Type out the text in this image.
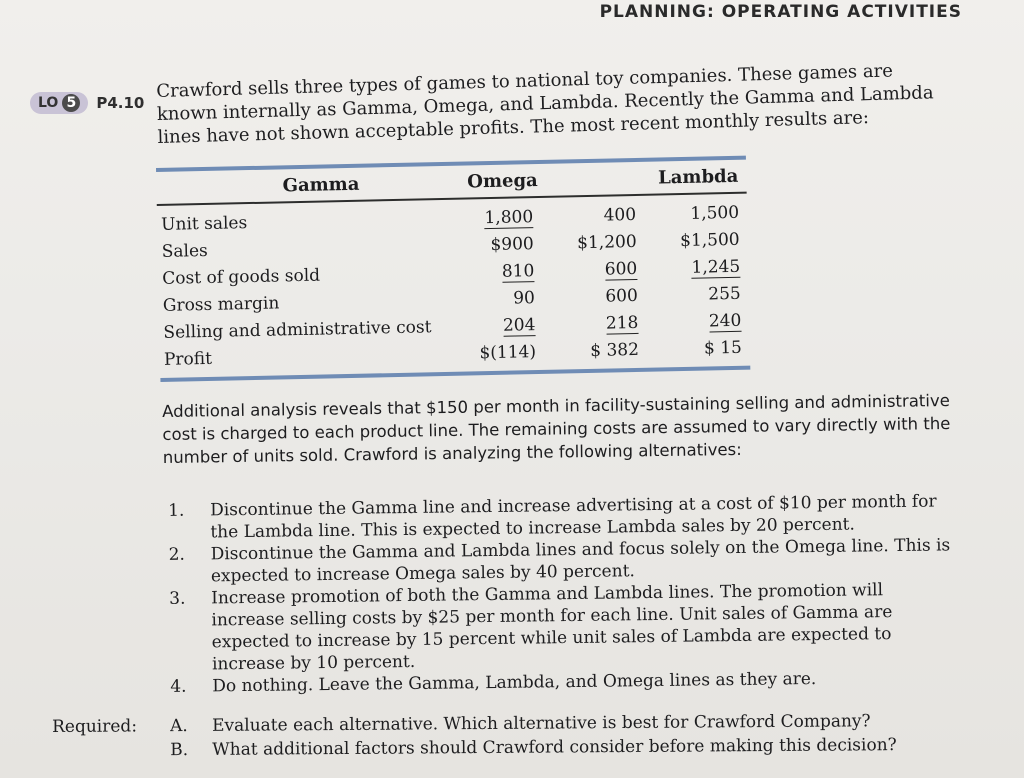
PLANNING: OPERATING ACTIVITIES
LO 5	P4.10
Crawford sells three types of games to national toy companies. These games are known internally as Gamma, Omega, and Lambda. Recently the Gamma and Lambda lines have not shown acceptable profits. The most recent monthly results are:
	Gamma	Omega	Lambda
Unit sales	1,800	400	1,500
Sales	$900	$1,200	$1,500
Cost of goods sold	810	600	1,245
Gross margin	90	600	255
Selling and administrative cost	204	218	240
Profit	$(114)	$ 382	$ 15
Additional analysis reveals that $150 per month in facility-sustaining selling and administrative cost is charged to each product line. The remaining costs are assumed to vary directly with the number of units sold. Crawford is analyzing the following alternatives:
1.	Discontinue the Gamma line and increase advertising at a cost of $10 per month for the Lambda line. This is expected to increase Lambda sales by 20 percent.
2.	Discontinue the Gamma and Lambda lines and focus solely on the Omega line. This is expected to increase Omega sales by 40 percent.
3.	Increase promotion of both the Gamma and Lambda lines. The promotion will increase selling costs by $25 per month for each line. Unit sales of Gamma are expected to increase by 15 percent while unit sales of Lambda are expected to increase by 10 percent.
4.	Do nothing. Leave the Gamma, Lambda, and Omega lines as they are.
Required:	A.	Evaluate each alternative. Which alternative is best for Crawford Company?
B.	What additional factors should Crawford consider before making this decision?
